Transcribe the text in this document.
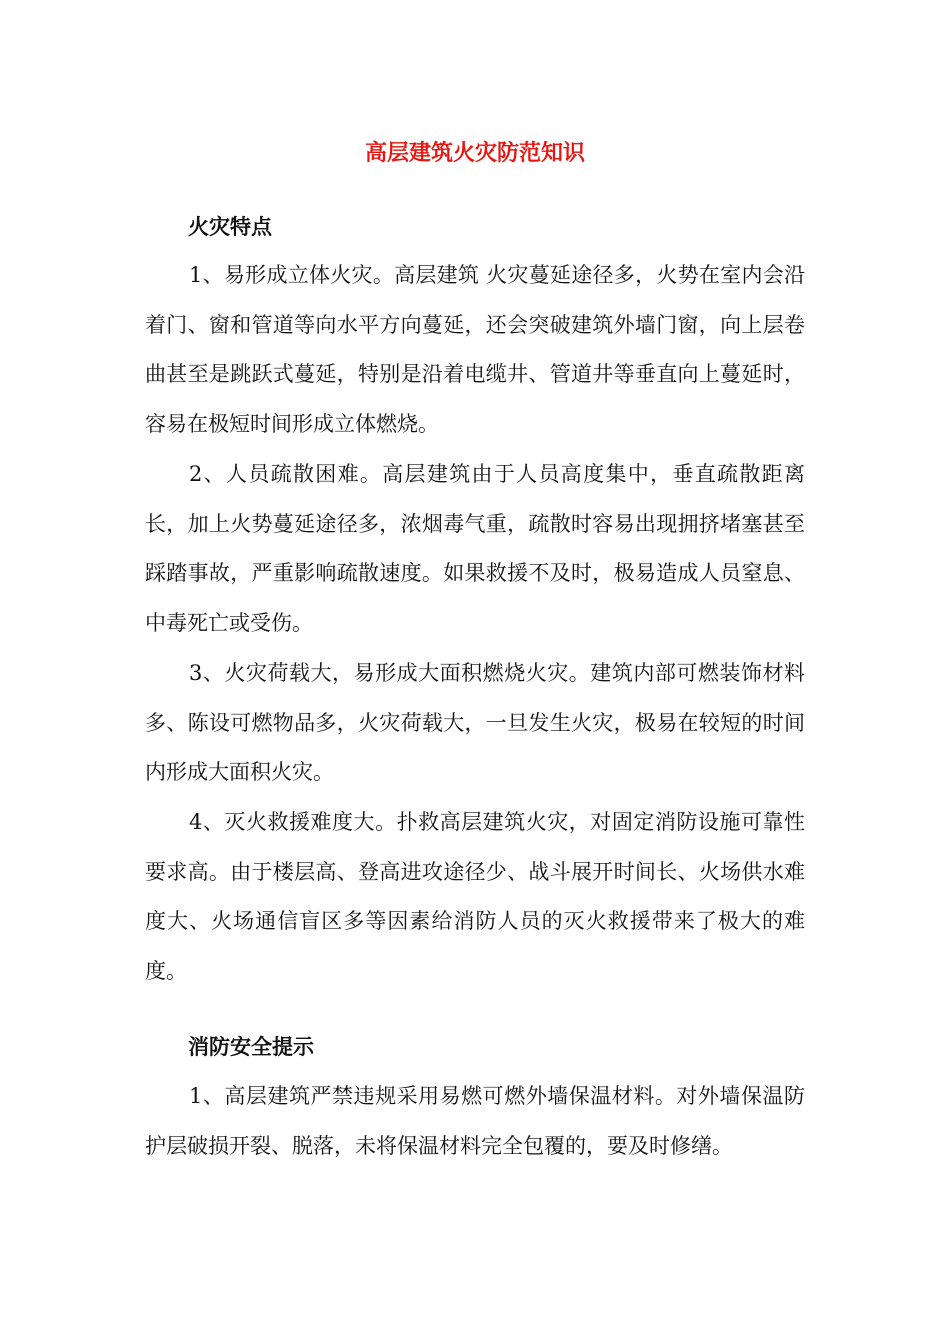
高层建筑火灾防范知识
火灾特点

1、易形成立体火灾。高层建筑 火灾蔓延途径多，火势在室内会沿着门、窗和管道等向水平方向蔓延，还会突破建筑外墙门窗，向上层卷曲甚至是跳跃式蔓延，特别是沿着电缆井、管道井等垂直向上蔓延时，容易在极短时间形成立体燃烧。

2、人员疏散困难。高层建筑由于人员高度集中，垂直疏散距离长，加上火势蔓延途径多，浓烟毒气重，疏散时容易出现拥挤堵塞甚至踩踏事故，严重影响疏散速度。如果救援不及时，极易造成人员窒息、中毒死亡或受伤。

3、火灾荷载大，易形成大面积燃烧火灾。建筑内部可燃装饰材料多、陈设可燃物品多，火灾荷载大，一旦发生火灾，极易在较短的时间内形成大面积火灾。

4、灭火救援难度大。扑救高层建筑火灾，对固定消防设施可靠性要求高。由于楼层高、登高进攻途径少、战斗展开时间长、火场供水难度大、火场通信盲区多等因素给消防人员的灭火救援带来了极大的难度。

消防安全提示

1、高层建筑严禁违规采用易燃可燃外墙保温材料。对外墙保温防护层破损开裂、脱落，未将保温材料完全包覆的，要及时修缮。
